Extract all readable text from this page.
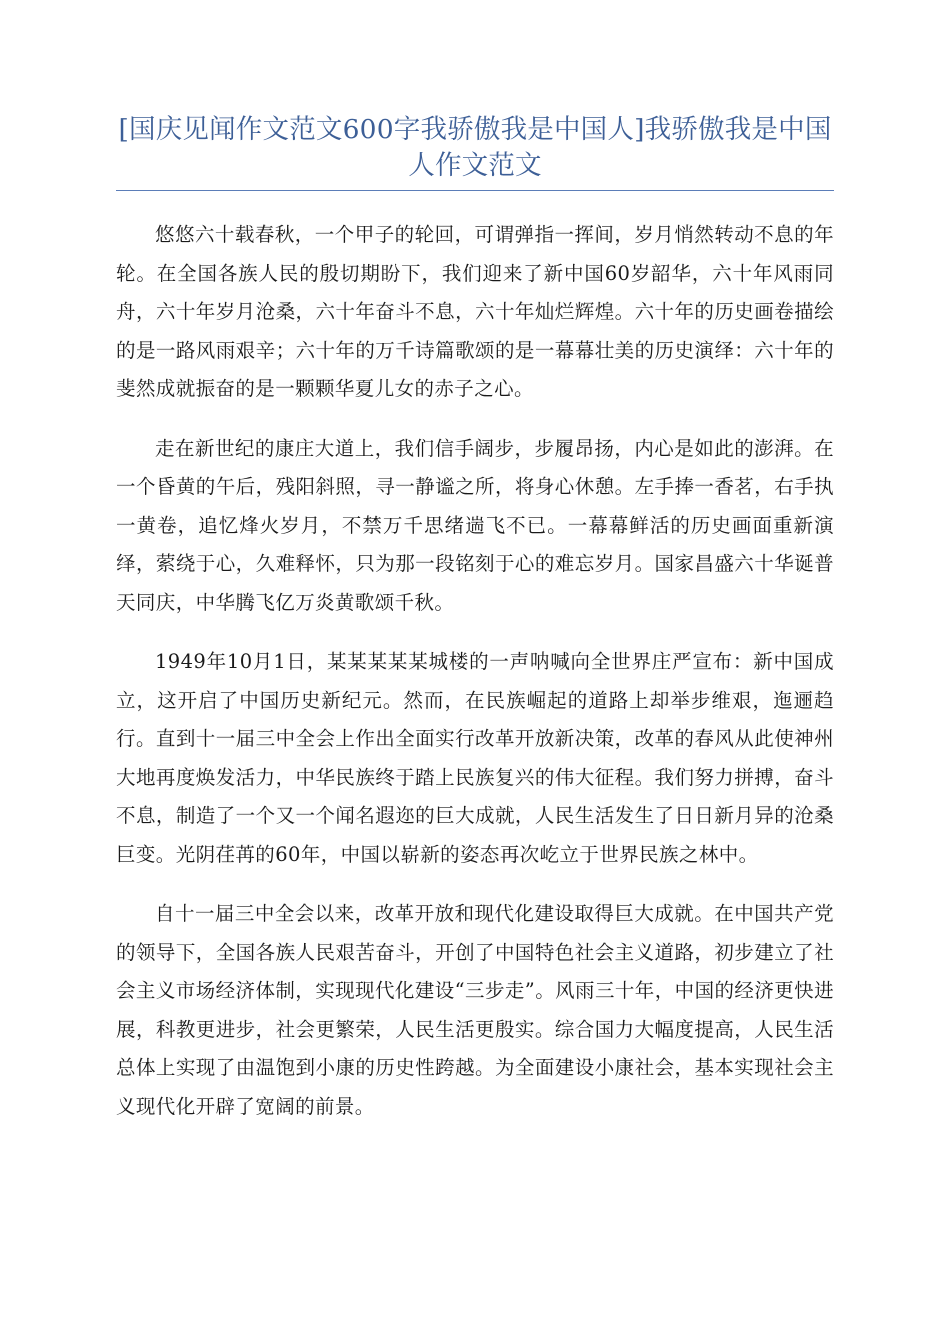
[国庆见闻作文范文600字我骄傲我是中国人]我骄傲我是中国人作文范文

悠悠六十载春秋，一个甲子的轮回，可谓弹指一挥间，岁月悄然转动不息的年轮。在全国各族人民的殷切期盼下，我们迎来了新中国60岁韶华，六十年风雨同舟，六十年岁月沧桑，六十年奋斗不息，六十年灿烂辉煌。六十年的历史画卷描绘的是一路风雨艰辛；六十年的万千诗篇歌颂的是一幕幕壮美的历史演绎：六十年的斐然成就振奋的是一颗颗华夏儿女的赤子之心。

走在新世纪的康庄大道上，我们信手阔步，步履昂扬，内心是如此的澎湃。在一个昏黄的午后，残阳斜照，寻一静谧之所，将身心休憩。左手捧一香茗，右手执一黄卷，追忆烽火岁月，不禁万千思绪遄飞不已。一幕幕鲜活的历史画面重新演绎，萦绕于心，久难释怀，只为那一段铭刻于心的难忘岁月。国家昌盛六十华诞普天同庆，中华腾飞亿万炎黄歌颂千秋。

1949年10月1日，某某某某某城楼的一声呐喊向全世界庄严宣布：新中国成立，这开启了中国历史新纪元。然而，在民族崛起的道路上却举步维艰，迤逦趋行。直到十一届三中全会上作出全面实行改革开放新决策，改革的春风从此使神州大地再度焕发活力，中华民族终于踏上民族复兴的伟大征程。我们努力拼搏，奋斗不息，制造了一个又一个闻名遐迩的巨大成就，人民生活发生了日日新月异的沧桑巨变。光阴荏苒的60年，中国以崭新的姿态再次屹立于世界民族之林中。

自十一届三中全会以来，改革开放和现代化建设取得巨大成就。在中国共产党的领导下，全国各族人民艰苦奋斗，开创了中国特色社会主义道路，初步建立了社会主义市场经济体制，实现现代化建设“三步走”。风雨三十年，中国的经济更快进展，科教更进步，社会更繁荣，人民生活更殷实。综合国力大幅度提高，人民生活总体上实现了由温饱到小康的历史性跨越。为全面建设小康社会，基本实现社会主义现代化开辟了宽阔的前景。
